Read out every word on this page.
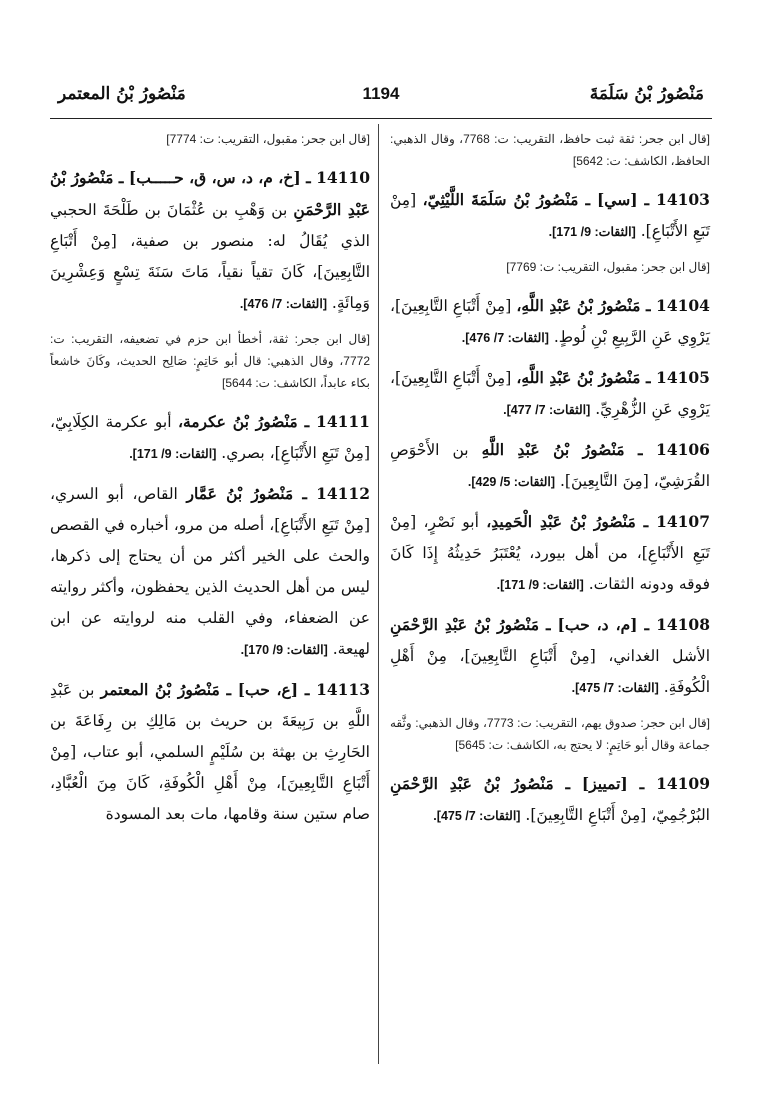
مَنْصُورُ بْنُ سَلَمَةَ
1194
مَنْصُورُ بْنُ المعتمر

[قال ابن جحر: ثقة ثبت حافظ، التقريب: ت: 7768، وقال الذهبي: الحافظ، الكاشف: ت: 5642]

14103 ـ [سي] ـ مَنْصُورُ بْنُ سَلَمَةَ اللَّيْثِيّ، [مِنْ تَبَعِ الأَتْبَاعِ]. [الثقات: 9/ 171].

[قال ابن جحر: مقبول، التقريب: ت: 7769]

14104 ـ مَنْصُورُ بْنُ عَبْدِ اللَّهِ، [مِنْ أَتْبَاعِ التَّابِعِينَ]، يَرْوِي عَنِ الرَّبِيعِ بْنِ لُوطٍ. [الثقات: 7/ 476].

14105 ـ مَنْصُورُ بْنُ عَبْدِ اللَّهِ، [مِنْ أَتْبَاعِ التَّابِعِينَ]، يَرْوِي عَنِ الزُّهْرِيِّ. [الثقات: 7/ 477].

14106 ـ مَنْصُورُ بْنُ عَبْدِ اللَّهِ بن الأَحْوَصِ القُرَشِيّ، [مِنَ التَّابِعِينَ]. [الثقات: 5/ 429].

14107 ـ مَنْصُورُ بْنُ عَبْدِ الْحَمِيدِ، أبو نَصْرٍ، [مِنْ تَبَعِ الأَتْبَاعِ]، من أهل بيورد، يُعْتَبَرُ حَدِيثُهُ إِذَا كَانَ فوقه ودونه الثقات. [الثقات: 9/ 171].

14108 ـ [م، د، حب] ـ مَنْصُورُ بْنُ عَبْدِ الرَّحْمَنِ الأشل الغداني، [مِنْ أَتْبَاعِ التَّابِعِينَ]، مِنْ أَهْلِ الْكُوفَةِ. [الثقات: 7/ 475].

[قال ابن حجر: صدوق يهم، التقريب: ت: 7773، وقال الذهبي: وثَّقه جماعة وقال أبو حَاتِمٍ: لا يحتج به، الكاشف: ت: 5645]

14109 ـ [تمييز] ـ مَنْصُورُ بْنُ عَبْدِ الرَّحْمَنِ البُرْجُمِيّ، [مِنْ أَتْبَاعِ التَّابِعِينَ]. [الثقات: 7/ 475].

[قال ابن جحر: مقبول، التقريب: ت: 7774]

14110 ـ [خ، م، د، س، ق، حـــــب] ـ مَنْصُورُ بْنُ عَبْدِ الرَّحْمَنِ بن وَهْبِ بن عُثْمَانَ بن طَلْحَةَ الحجبي الذي يُقَالُ له: منصور بن صفية، [مِنْ أَتْبَاعِ التَّابِعِينَ]، كَانَ تقياً نقياً، مَاتَ سَنَةَ تِسْعٍ وَعِشْرِينَ وَمِائَةٍ. [الثقات: 7/ 476].

[قال ابن جحر: ثقة، أخطأ ابن حزم في تضعيفه، التقريب: ت: 7772، وقال الذهبي: قال أبو حَاتِمٍ: صَالِح الحديث، وكَانَ خاشعاً بكاء عابداً، الكاشف: ت: 5644]

14111 ـ مَنْصُورُ بْنُ عكرمة، أبو عكرمة الكِلَابِيّ، [مِنْ تَبَعِ الأَتْبَاعِ]، بصري. [الثقات: 9/ 171].

14112 ـ مَنْصُورُ بْنُ عَمَّار القاص، أبو السري، [مِنْ تَبَعِ الأَتْبَاعِ]، أصله من مرو، أخباره في القصص والحث على الخير أكثر من أن يحتاج إلى ذكرها، ليس من أهل الحديث الذين يحفظون، وأكثر روايته عن الضعفاء، وفي القلب منه لروايته عن ابن لهيعة. [الثقات: 9/ 170].

14113 ـ [ع، حب] ـ مَنْصُورُ بْنُ المعتمر بن عَبْدِ اللَّهِ بن رَبِيعَةَ بن حريث بن مَالِكِ بن رِفَاعَةَ بن الحَارِثِ بن بهثة بن سُلَيْمٍ السلمي، أبو عتاب، [مِنْ أَتْبَاعِ التَّابِعِينَ]، مِنْ أَهْلِ الْكُوفَةِ، كَانَ مِنَ الْعُبَّادِ، صام ستين سنة وقامها، مات بعد المسودة
